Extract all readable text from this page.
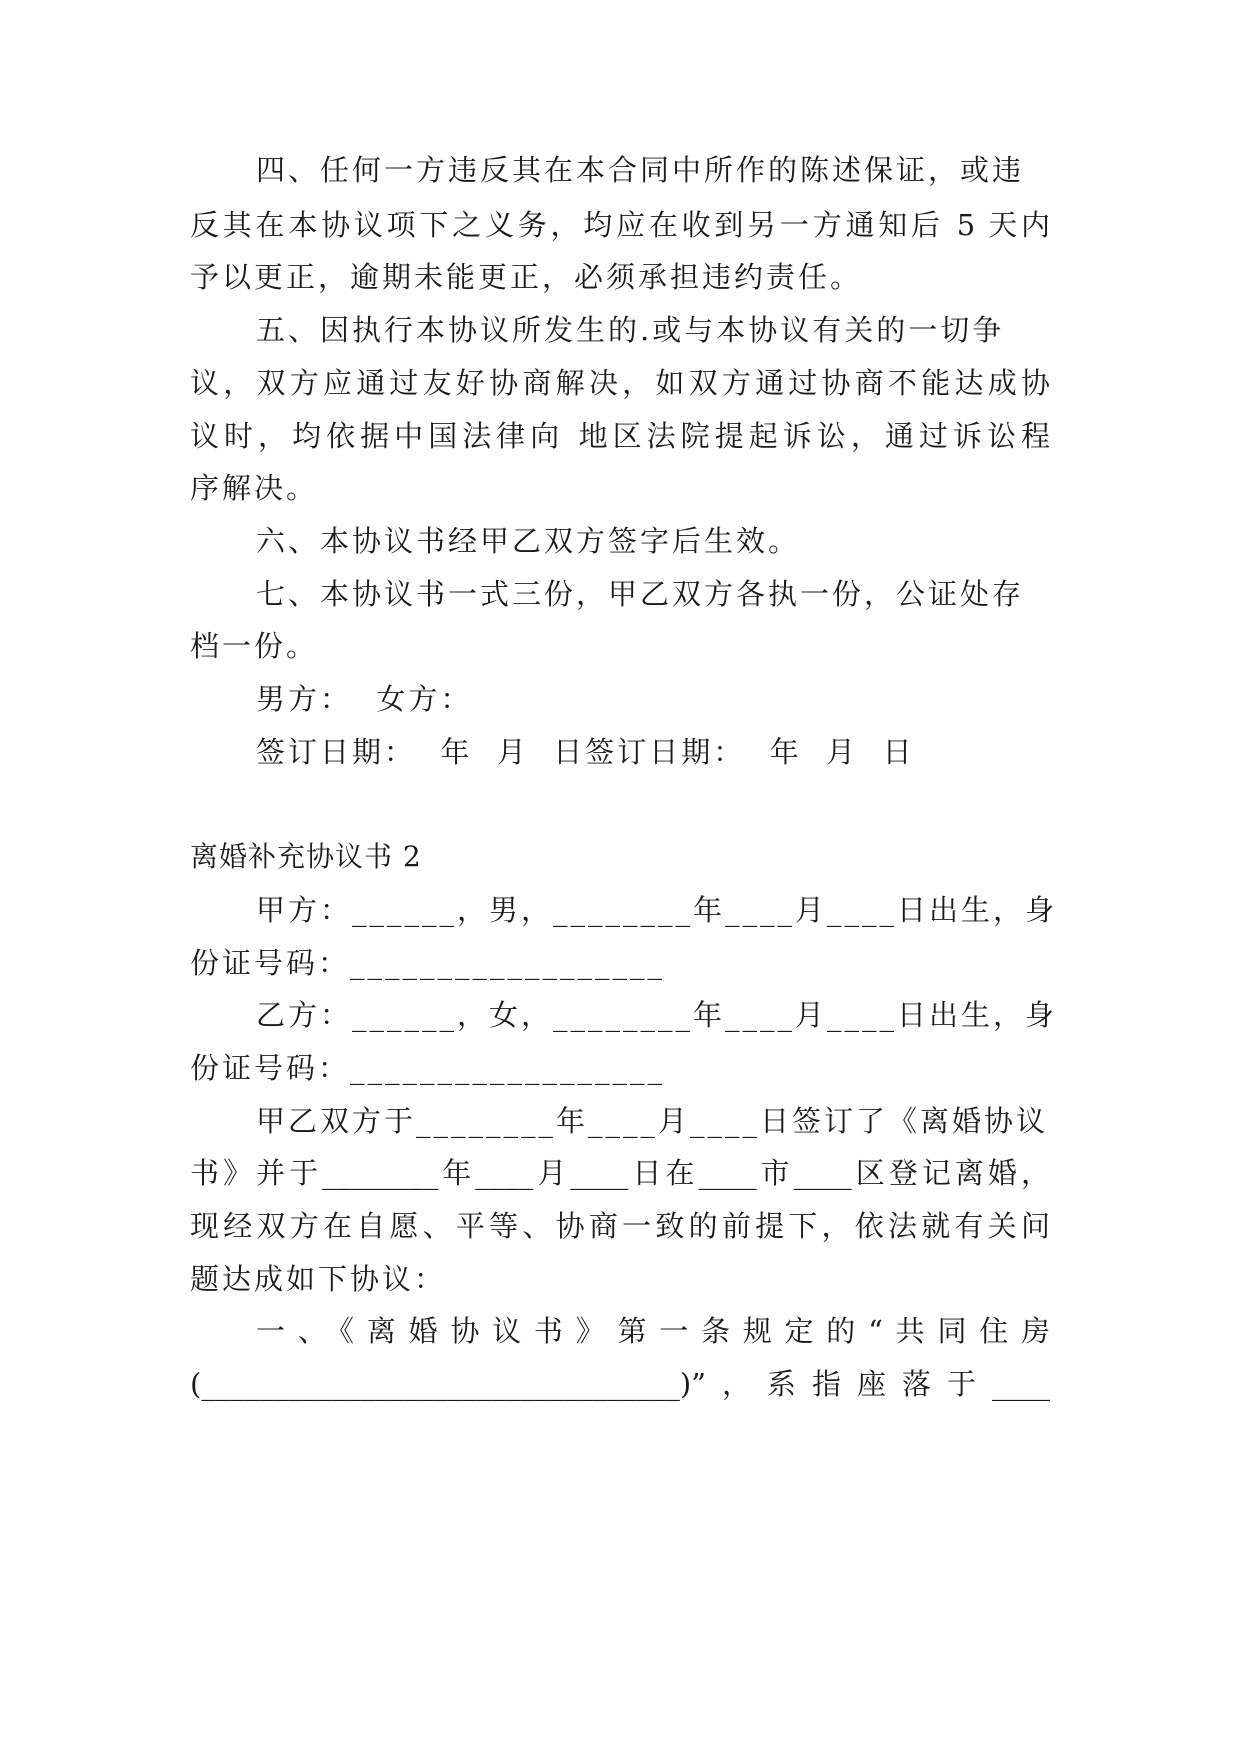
四、任何一方违反其在本合同中所作的陈述保证，或违
反其在本协议项下之义务，均应在收到另一方通知后 5 天内
予以更正，逾期未能更正，必须承担违约责任。
五、因执行本协议所发生的.或与本协议有关的一切争
议，双方应通过友好协商解决，如双方通过协商不能达成协
议时，均依据中国法律向 地区法院提起诉讼，通过诉讼程
序解决。
六、本协议书经甲乙双方签字后生效。
七、本协议书一式三份，甲乙双方各执一份，公证处存
档一份。
男方：  女方：
签订日期：  年  月  日签订日期：  年  月  日
离婚补充协议书 2
甲方：______，男，________年____月____日出生，身
份证号码：__________________
乙方：______，女，________年____月____日出生，身
份证号码：__________________
甲乙双方于________年____月____日签订了《离婚协议
书》并于________年____月____日在____市____区登记离婚，
现经双方在自愿、平等、协商一致的前提下，依法就有关问
题达成如下协议：
一、《离婚协议书》第一条规定的“共同住房
(_________________________________)”，系指座落于____
